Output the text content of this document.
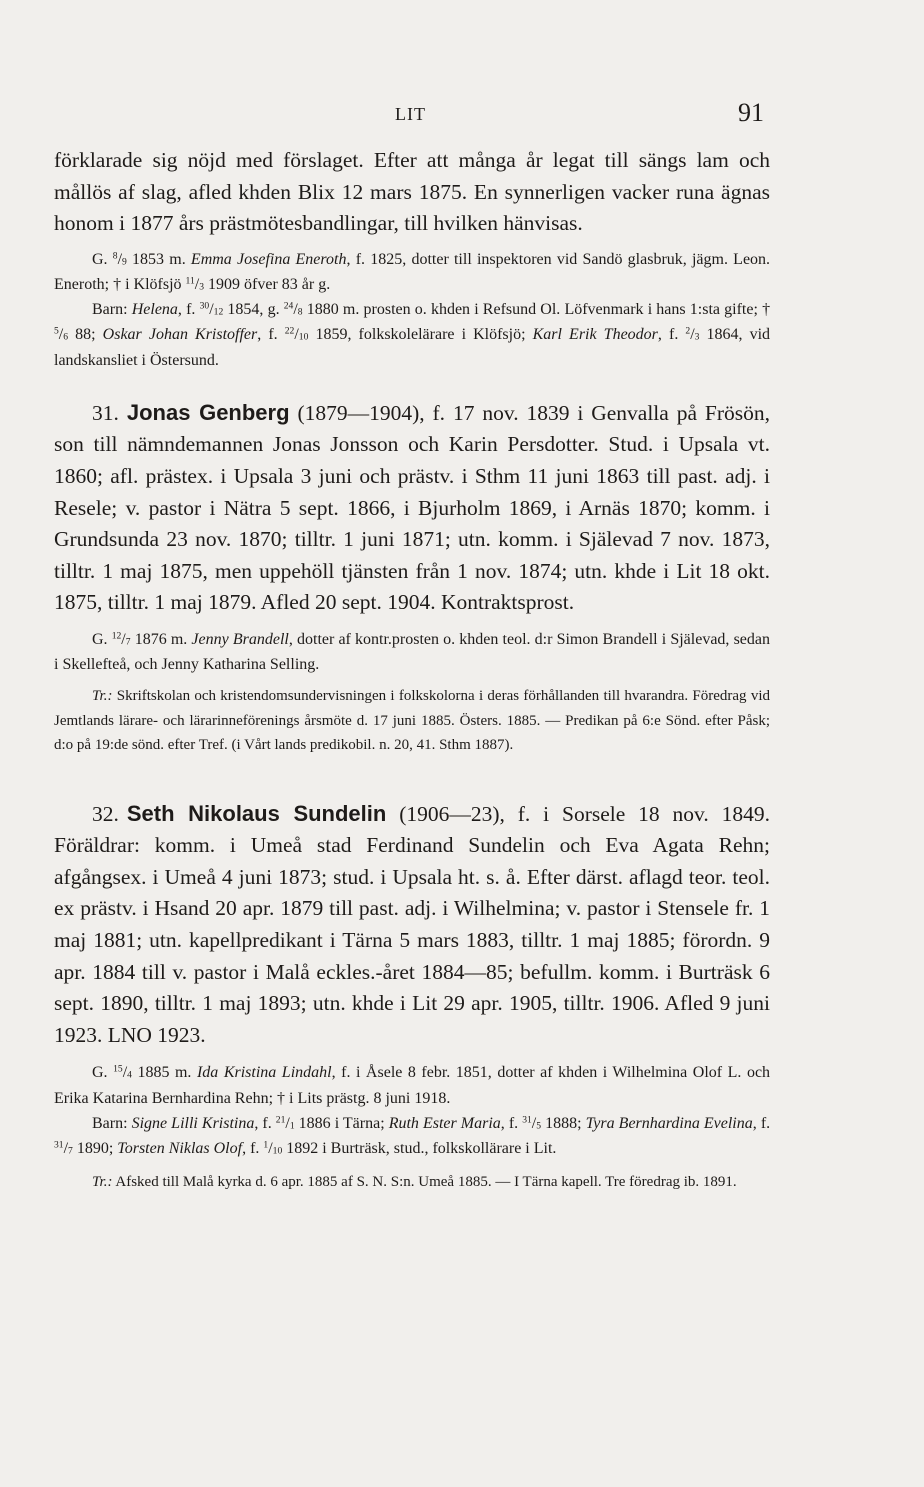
LIT	91

förklarade sig nöjd med förslaget. Efter att många år legat till sängs lam och mållös af slag, afled khden Blix 12 mars 1875. En synnerligen vacker runa ägnas honom i 1877 års prästmötesbandlingar, till hvilken hänvisas.

G. $^8/_9$ 1853 m. Emma Josefina Eneroth, f. 1825, dotter till inspektoren vid Sandö glasbruk, jägm. Leon. Eneroth; † i Klöfsjö $^{11}/_3$ 1909 öfver 83 år g.

Barn: Helena, f. $^{30}/_{12}$ 1854, g. $^{24}/_8$ 1880 m. prosten o. khden i Refsund Ol. Löfvenmark i hans 1:sta gifte; † $^5/_6$ 88; Oskar Johan Kristoffer, f. $^{22}/_{10}$ 1859, folkskolelärare i Klöfsjö; Karl Erik Theodor, f. $^2/_3$ 1864, vid landskansliet i Östersund.

31. Jonas Genberg (1879—1904), f. 17 nov. 1839 i Genvalla på Frösön, son till nämndemannen Jonas Jonsson och Karin Persdotter. Stud. i Upsala vt. 1860; afl. prästex. i Upsala 3 juni och prästv. i Sthm 11 juni 1863 till past. adj. i Resele; v. pastor i Nätra 5 sept. 1866, i Bjurholm 1869, i Arnäs 1870; komm. i Grundsunda 23 nov. 1870; tilltr. 1 juni 1871; utn. komm. i Själevad 7 nov. 1873, tilltr. 1 maj 1875, men uppehöll tjänsten från 1 nov. 1874; utn. khde i Lit 18 okt. 1875, tilltr. 1 maj 1879. Afled 20 sept. 1904. Kontraktsprost.

G. $^{12}/_7$ 1876 m. Jenny Brandell, dotter af kontr.prosten o. khden teol. d:r Simon Brandell i Själevad, sedan i Skellefteå, och Jenny Katharina Selling.

Tr.: Skriftskolan och kristendomsundervisningen i folkskolorna i deras förhållanden till hvarandra. Föredrag vid Jemtlands lärare- och lärarinneförenings årsmöte d. 17 juni 1885. Östers. 1885. — Predikan på 6:e Sönd. efter Påsk; d:o på 19:de sönd. efter Tref. (i Vårt lands predikobil. n. 20, 41. Sthm 1887).

32. Seth Nikolaus Sundelin (1906—23), f. i Sorsele 18 nov. 1849. Föräldrar: komm. i Umeå stad Ferdinand Sundelin och Eva Agata Rehn; afgångsex. i Umeå 4 juni 1873; stud. i Upsala ht. s. å. Efter därst. aflagd teor. teol. ex prästv. i Hsand 20 apr. 1879 till past. adj. i Wilhelmina; v. pastor i Stensele fr. 1 maj 1881; utn. kapellpredikant i Tärna 5 mars 1883, tilltr. 1 maj 1885; förordn. 9 apr. 1884 till v. pastor i Malå eckles.-året 1884—85; befullm. komm. i Burträsk 6 sept. 1890, tilltr. 1 maj 1893; utn. khde i Lit 29 apr. 1905, tilltr. 1906. Afled 9 juni 1923. LNO 1923.

G. $^{15}/_4$ 1885 m. Ida Kristina Lindahl, f. i Åsele 8 febr. 1851, dotter af khden i Wilhelmina Olof L. och Erika Katarina Bernhardina Rehn; † i Lits prästg. 8 juni 1918.

Barn: Signe Lilli Kristina, f. $^{21}/_1$ 1886 i Tärna; Ruth Ester Maria, f. $^{31}/_5$ 1888; Tyra Bernhardina Evelina, f. $^{31}/_7$ 1890; Torsten Niklas Olof, f. $^1/_{10}$ 1892 i Burträsk, stud., folkskollärare i Lit.

Tr.: Afsked till Malå kyrka d. 6 apr. 1885 af S. N. S:n. Umeå 1885. — I Tärna kapell. Tre föredrag ib. 1891.
